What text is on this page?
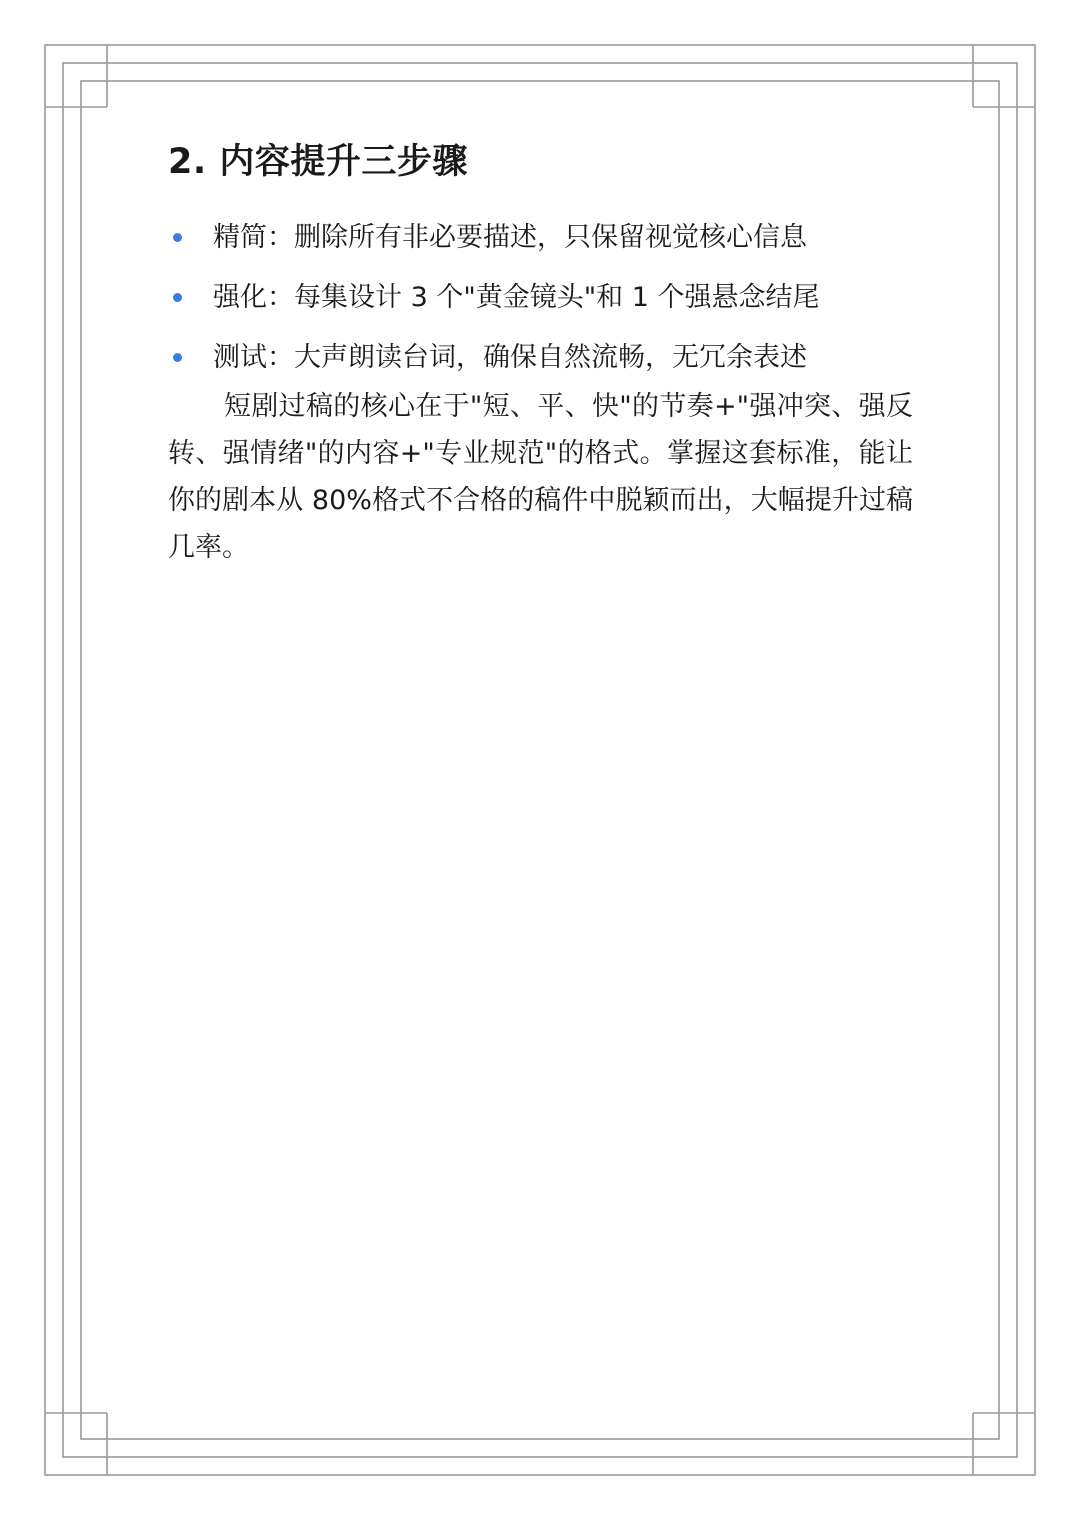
2. 内容提升三步骤
精简：删除所有非必要描述，只保留视觉核心信息
强化：每集设计 3 个"黄金镜头"和 1 个强悬念结尾
测试：大声朗读台词，确保自然流畅，无冗余表述

短剧过稿的核心在于"短、平、快"的节奏+"强冲突、强反转、强情绪"的内容+"专业规范"的格式。掌握这套标准，能让你的剧本从 80%格式不合格的稿件中脱颖而出，大幅提升过稿几率。
